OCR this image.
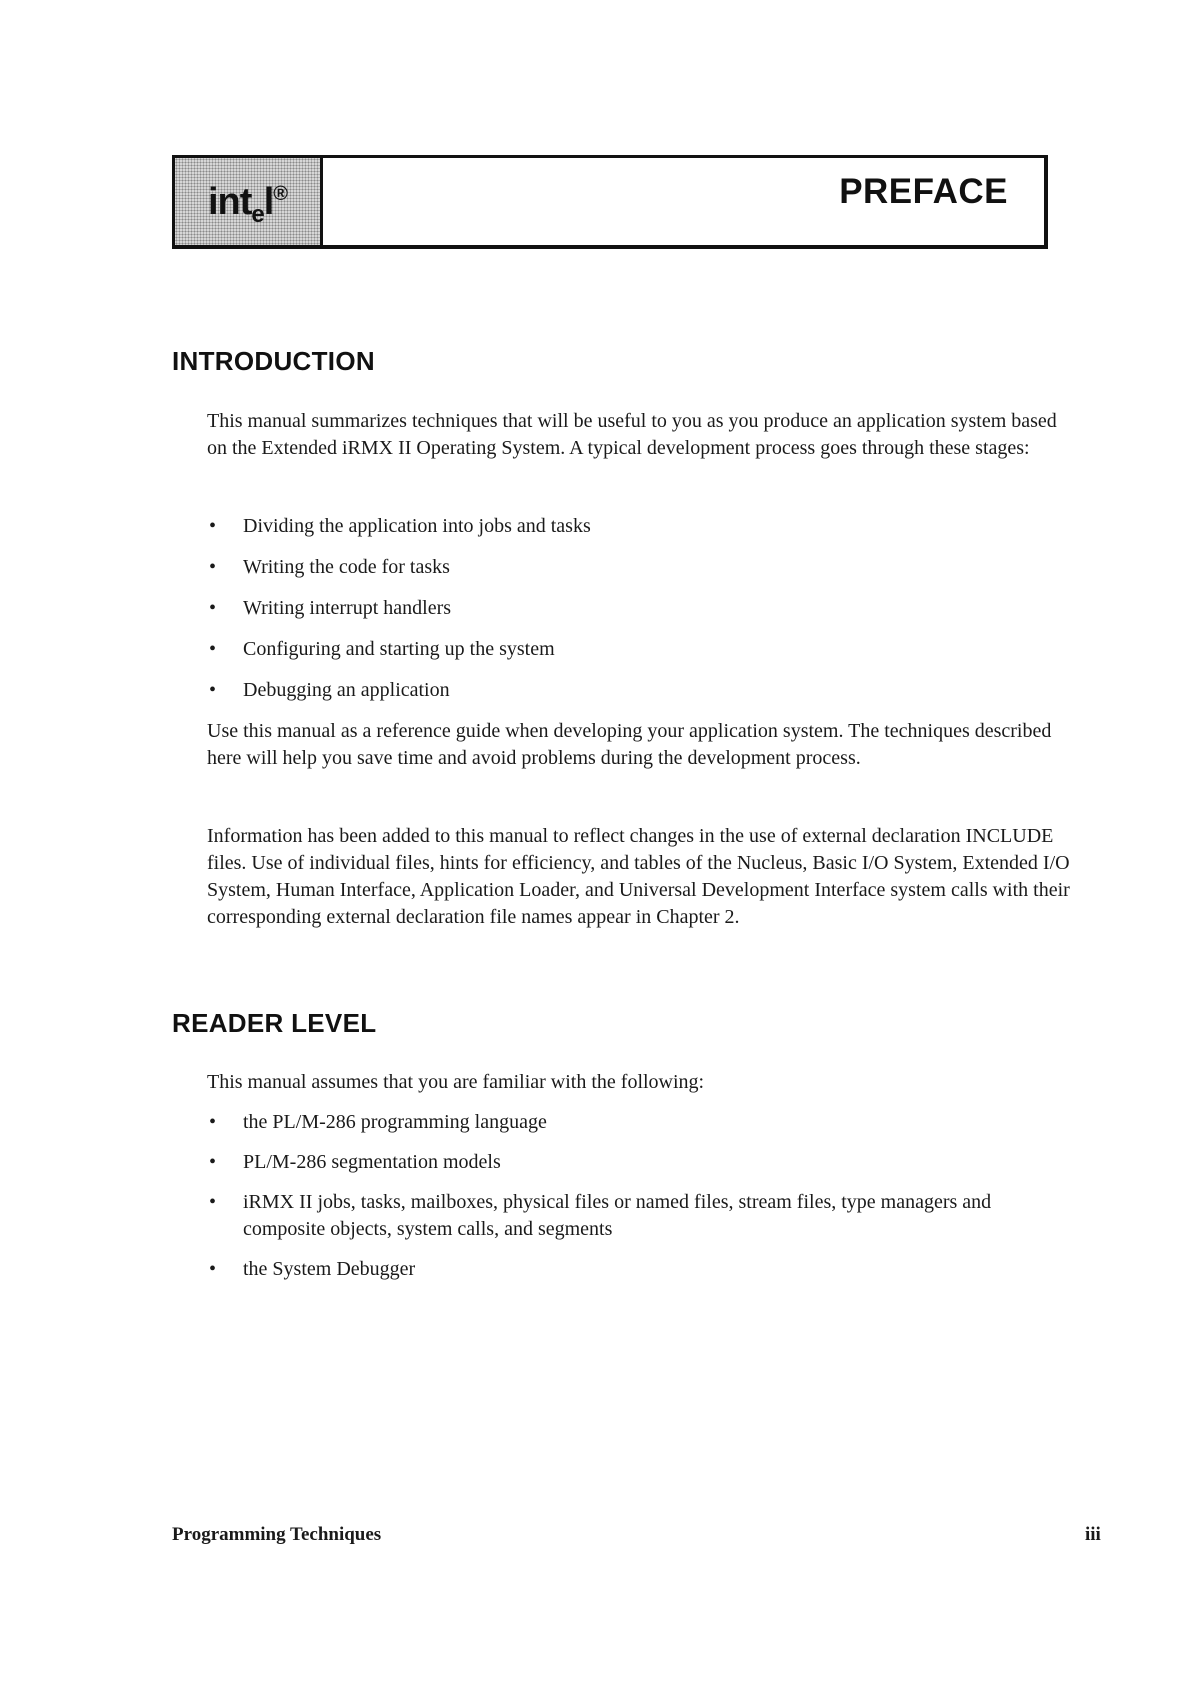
int$_e$l®	PREFACE
INTRODUCTION

This manual summarizes techniques that will be useful to you as you produce an application system based on the Extended iRMX II Operating System. A typical development process goes through these stages:

• Dividing the application into jobs and tasks
• Writing the code for tasks
• Writing interrupt handlers
• Configuring and starting up the system
• Debugging an application

Use this manual as a reference guide when developing your application system. The techniques described here will help you save time and avoid problems during the development process.

Information has been added to this manual to reflect changes in the use of external declaration INCLUDE files. Use of individual files, hints for efficiency, and tables of the Nucleus, Basic I/O System, Extended I/O System, Human Interface, Application Loader, and Universal Development Interface system calls with their corresponding external declaration file names appear in Chapter 2.

READER LEVEL

This manual assumes that you are familiar with the following:

• the PL/M-286 programming language
• PL/M-286 segmentation models
• iRMX II jobs, tasks, mailboxes, physical files or named files, stream files, type managers and composite objects, system calls, and segments
• the System Debugger
Programming Techniques	iii
